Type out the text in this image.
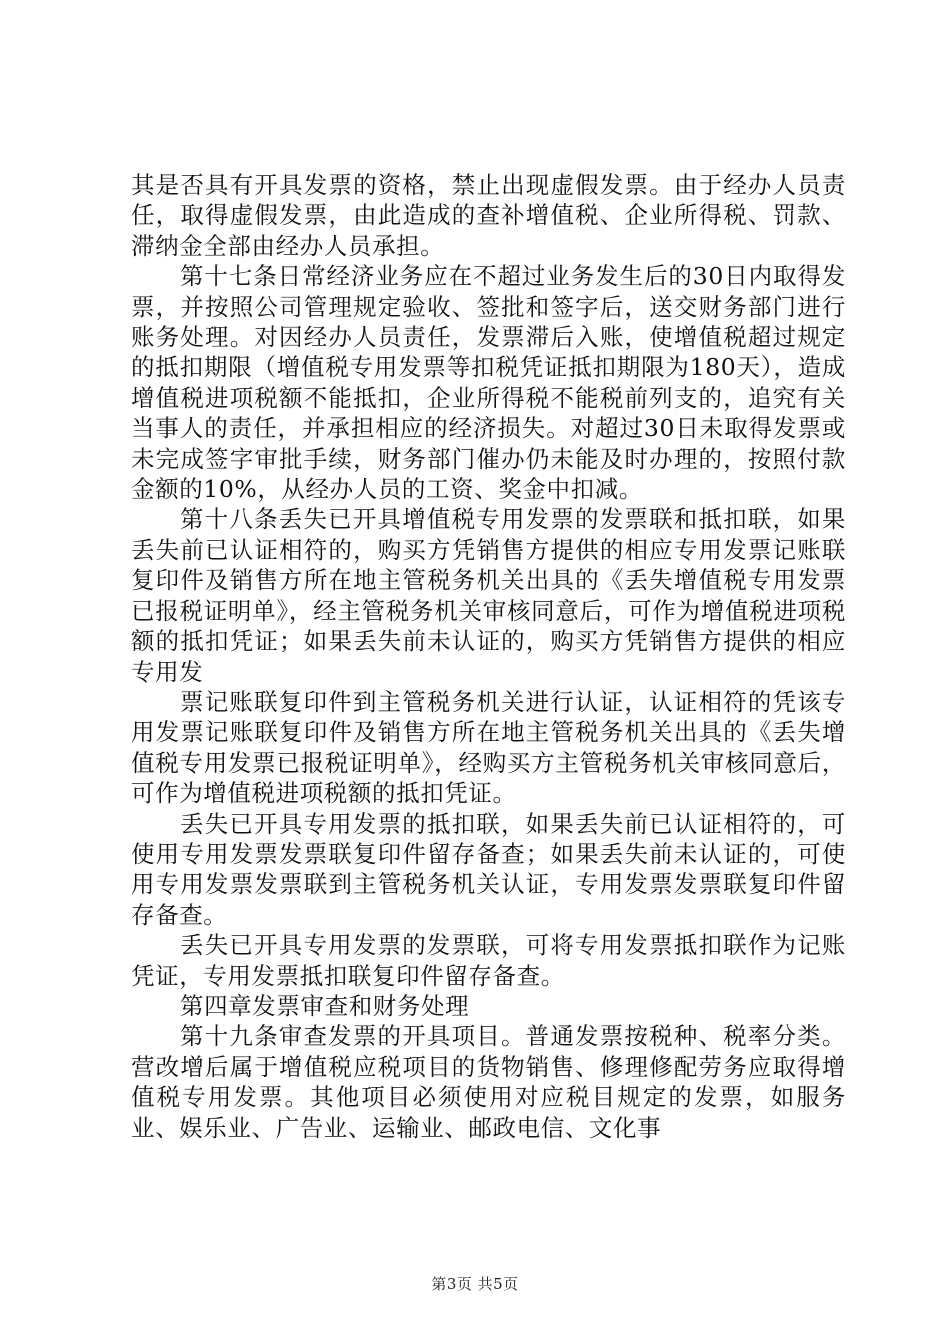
其是否具有开具发票的资格，禁止出现虚假发票。由于经办人员责任，取得虚假发票，由此造成的查补增值税、企业所得税、罚款、滞纳金全部由经办人员承担。

第十七条日常经济业务应在不超过业务发生后的30日内取得发票，并按照公司管理规定验收、签批和签字后，送交财务部门进行账务处理。对因经办人员责任，发票滞后入账，使增值税超过规定的抵扣期限（增值税专用发票等扣税凭证抵扣期限为180天），造成增值税进项税额不能抵扣，企业所得税不能税前列支的，追究有关当事人的责任，并承担相应的经济损失。对超过30日未取得发票或未完成签字审批手续，财务部门催办仍未能及时办理的，按照付款金额的10%，从经办人员的工资、奖金中扣减。

第十八条丢失已开具增值税专用发票的发票联和抵扣联，如果丢失前已认证相符的，购买方凭销售方提供的相应专用发票记账联复印件及销售方所在地主管税务机关出具的《丢失增值税专用发票已报税证明单》，经主管税务机关审核同意后，可作为增值税进项税额的抵扣凭证；如果丢失前未认证的，购买方凭销售方提供的相应专用发

票记账联复印件到主管税务机关进行认证，认证相符的凭该专用发票记账联复印件及销售方所在地主管税务机关出具的《丢失增值税专用发票已报税证明单》，经购买方主管税务机关审核同意后，可作为增值税进项税额的抵扣凭证。

丢失已开具专用发票的抵扣联，如果丢失前已认证相符的，可使用专用发票发票联复印件留存备查；如果丢失前未认证的，可使用专用发票发票联到主管税务机关认证，专用发票发票联复印件留存备查。

丢失已开具专用发票的发票联，可将专用发票抵扣联作为记账凭证，专用发票抵扣联复印件留存备查。

第四章发票审查和财务处理

第十九条审查发票的开具项目。普通发票按税种、税率分类。营改增后属于增值税应税项目的货物销售、修理修配劳务应取得增值税专用发票。其他项目必须使用对应税目规定的发票，如服务业、娱乐业、广告业、运输业、邮政电信、文化事

第3页 共5页
